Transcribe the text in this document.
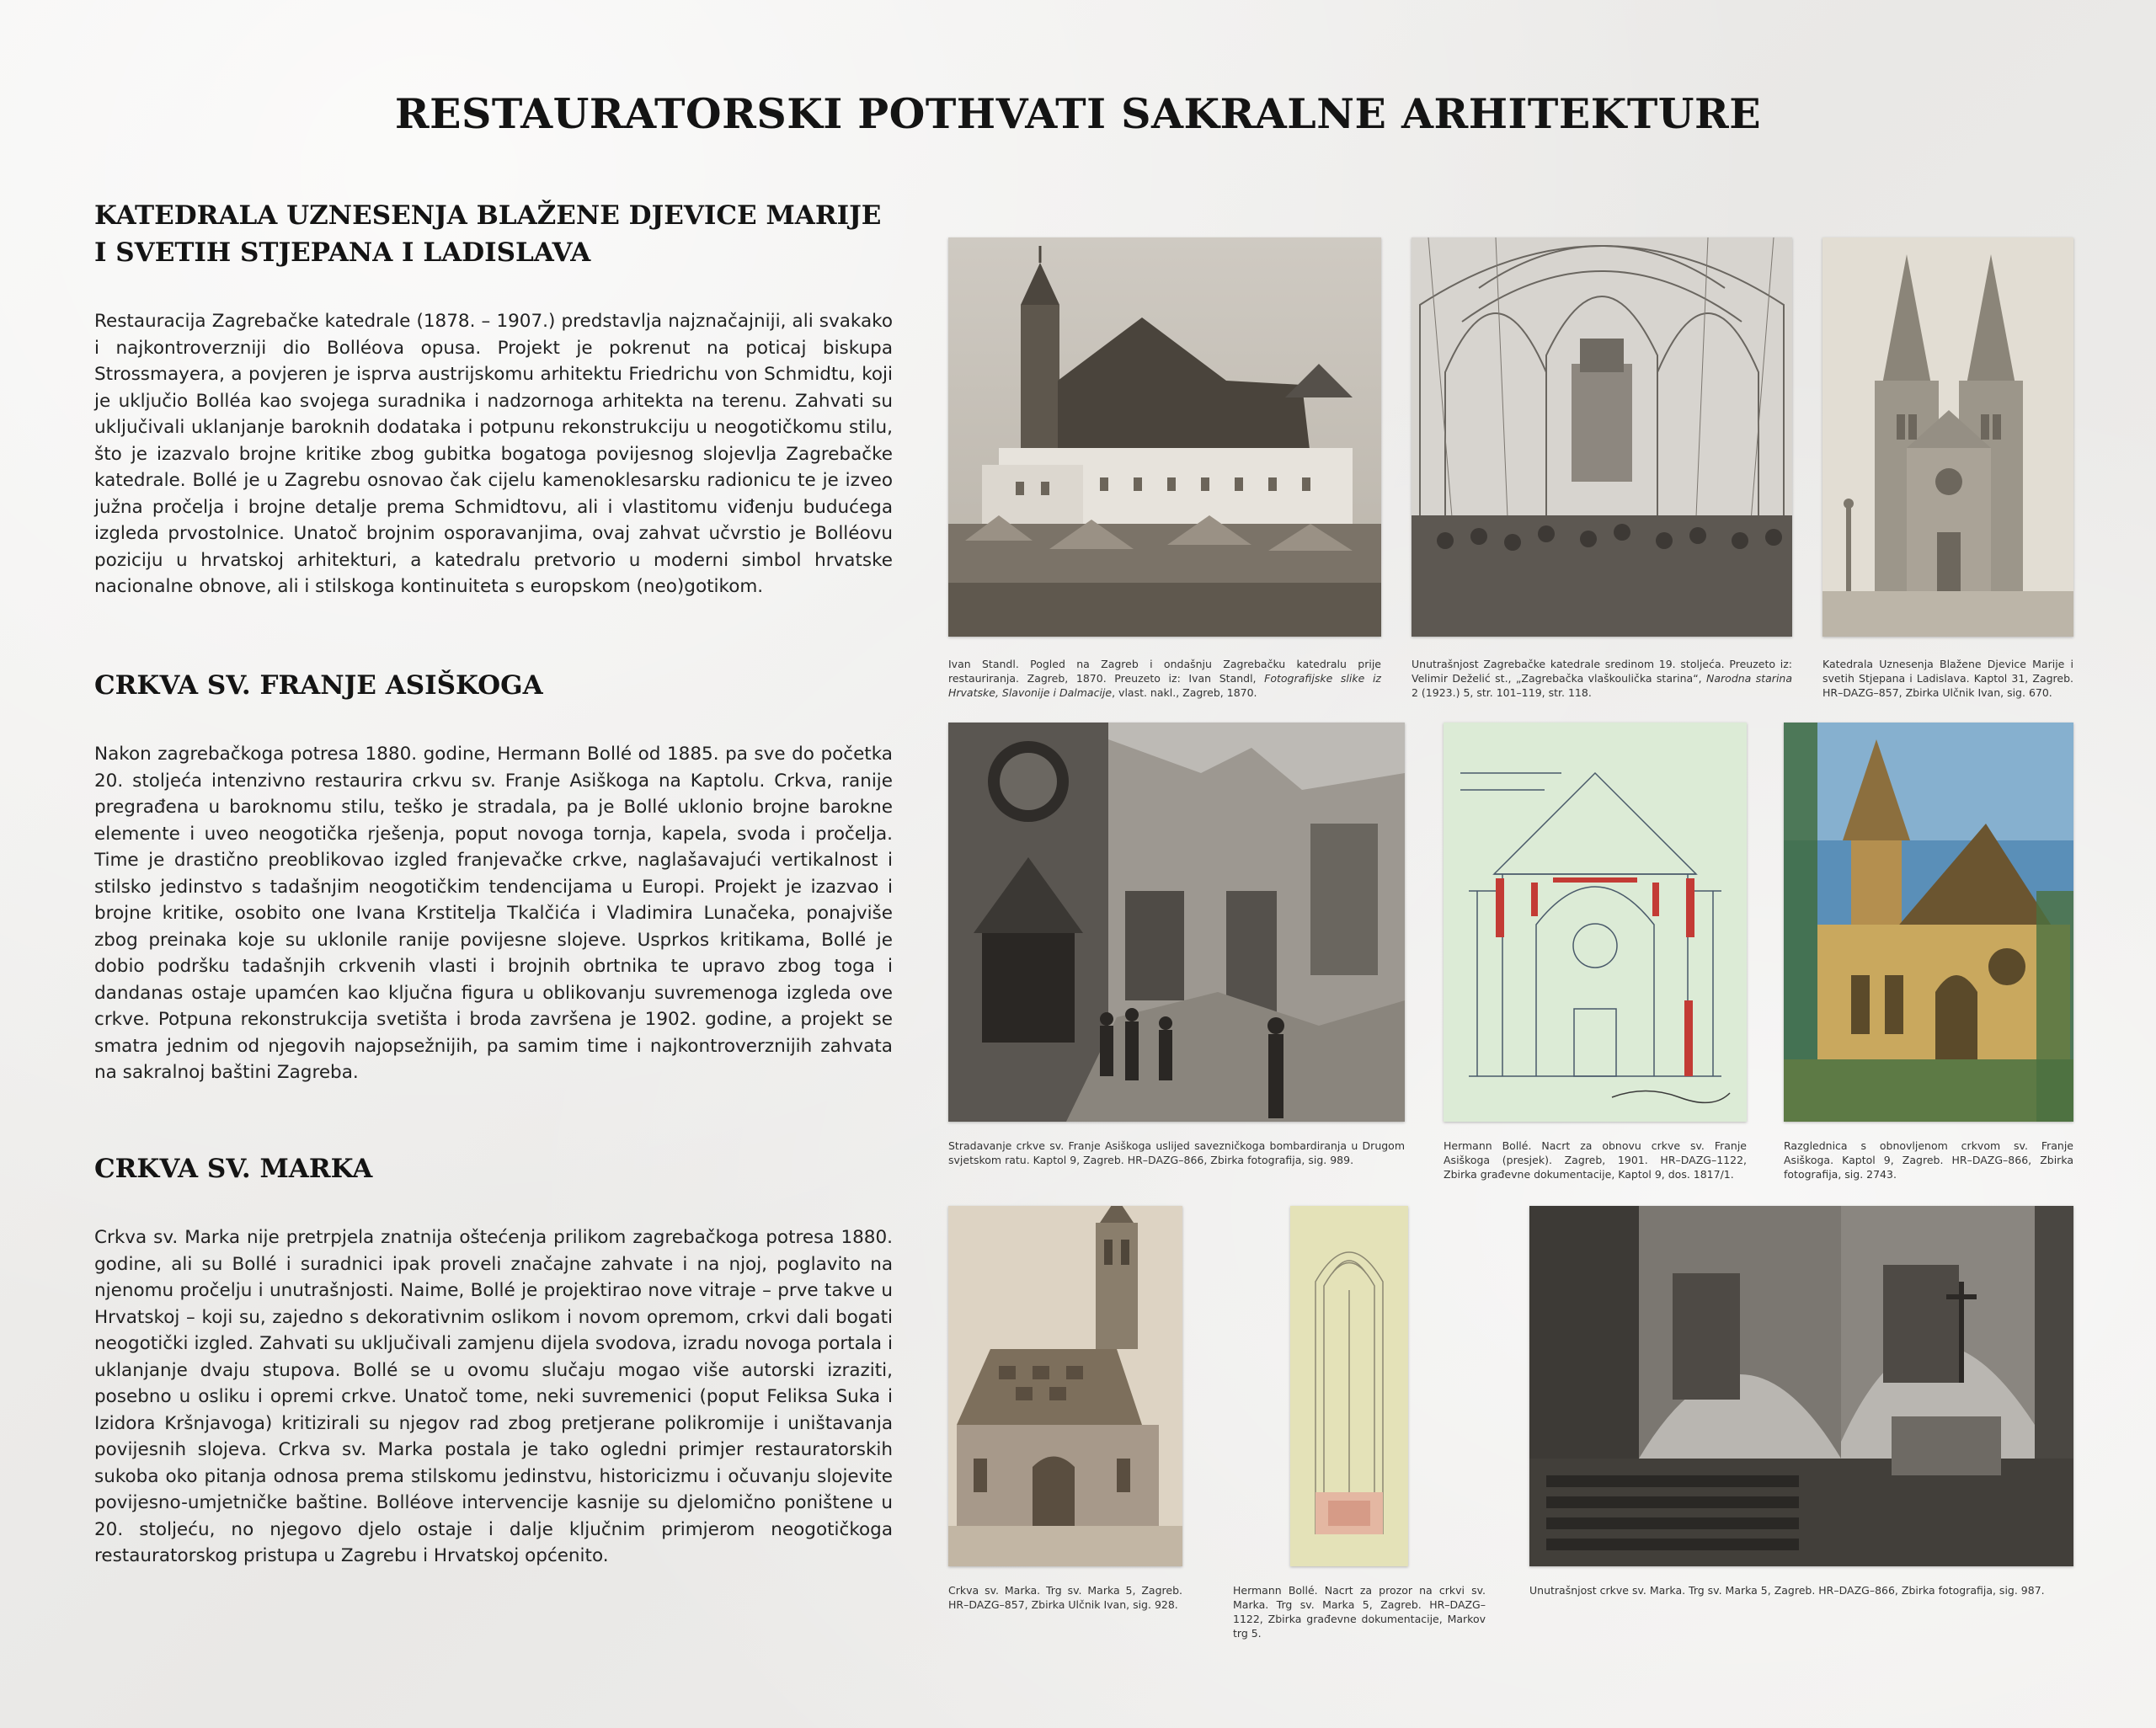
RESTAURATORSKI POTHVATI SAKRALNE ARHITEKTURE
KATEDRALA UZNESENJA BLAŽENE DJEVICE MARIJE
I SVETIH STJEPANA I LADISLAVA

Restauracija Zagrebačke katedrale (1878. – 1907.) predstavlja najznačajniji, ali svakako i najkontroverzniji dio Bolléova opusa. Projekt je pokrenut na poticaj biskupa Strossmayera, a povjeren je isprva austrijskomu arhitektu Friedrichu von Schmidtu, koji je uključio Bolléa kao svojega suradnika i nadzornoga arhitekta na terenu. Zahvati su uključivali uklanjanje baroknih dodataka i potpunu rekonstrukciju u neogotičkomu stilu, što je izazvalo brojne kritike zbog gubitka bogatoga povijesnog slojevlja Zagrebačke katedrale. Bollé je u Zagrebu osnovao čak cijelu kamenoklesarsku radionicu te je izveo južna pročelja i brojne detalje prema Schmidtovu, ali i vlastitomu viđenju budućega izgleda prvostolnice. Unatoč brojnim osporavanjima, ovaj zahvat učvrstio je Bolléovu poziciju u hrvatskoj arhitekturi, a katedralu pretvorio u moderni simbol hrvatske nacionalne obnove, ali i stilskoga kontinuiteta s europskom (neo)gotikom.

CRKVA SV. FRANJE ASIŠKOGA

Nakon zagrebačkoga potresa 1880. godine, Hermann Bollé od 1885. pa sve do početka 20. stoljeća intenzivno restaurira crkvu sv. Franje Asiškoga na Kaptolu. Crkva, ranije pregrađena u baroknomu stilu, teško je stradala, pa je Bollé uklonio brojne barokne elemente i uveo neogotička rješenja, poput novoga tornja, kapela, svoda i pročelja. Time je drastično preoblikovao izgled franjevačke crkve, naglašavajući vertikalnost i stilsko jedinstvo s tadašnjim neogotičkim tendencijama u Europi. Projekt je izazvao i brojne kritike, osobito one Ivana Krstitelja Tkalčića i Vladimira Lunačeka, ponajviše zbog preinaka koje su uklonile ranije povijesne slojeve. Usprkos kritikama, Bollé je dobio podršku tadašnjih crkvenih vlasti i brojnih obrtnika te upravo zbog toga i dandanas ostaje upamćen kao ključna figura u oblikovanju suvremenoga izgleda ove crkve. Potpuna rekonstrukcija svetišta i broda završena je 1902. godine, a projekt se smatra jednim od njegovih najopsežnijih, pa samim time i najkontroverznijih zahvata na sakralnoj baštini Zagreba.

CRKVA SV. MARKA

Crkva sv. Marka nije pretrpjela znatnija oštećenja prilikom zagrebačkoga potresa 1880. godine, ali su Bollé i suradnici ipak proveli značajne zahvate i na njoj, poglavito na njenomu pročelju i unutrašnjosti. Naime, Bollé je projektirao nove vitraje – prve takve u Hrvatskoj – koji su, zajedno s dekorativnim oslikom i novom opremom, crkvi dali bogati neogotički izgled. Zahvati su uključivali zamjenu dijela svodova, izradu novoga portala i uklanjanje dvaju stupova. Bollé se u ovomu slučaju mogao više autorski izraziti, posebno u osliku i opremi crkve. Unatoč tome, neki suvremenici (poput Feliksa Suka i Izidora Kršnjavoga) kritizirali su njegov rad zbog pretjerane polikromije i uništavanja povijesnih slojeva. Crkva sv. Marka postala je tako ogledni primjer restauratorskih sukoba oko pitanja odnosa prema stilskomu jedinstvu, historicizmu i očuvanju slojevite povijesno-umjetničke baštine. Bolléove intervencije kasnije su djelomično poništene u 20. stoljeću, no njegovo djelo ostaje i dalje ključnim primjerom neogotičkoga restauratorskog pristupa u Zagrebu i Hrvatskoj općenito.

Ivan Standl. Pogled na Zagreb i ondašnju Zagrebačku katedralu prije restauriranja. Zagreb, 1870. Preuzeto iz: Ivan Standl, Fotografijske slike iz Hrvatske, Slavonije i Dalmacije, vlast. nakl., Zagreb, 1870.

Unutrašnjost Zagrebačke katedrale sredinom 19. stoljeća. Preuzeto iz: Velimir Deželić st., „Zagrebačka vlaškoulička starina“, Narodna starina 2 (1923.) 5, str. 101–119, str. 118.

Katedrala Uznesenja Blažene Djevice Marije i svetih Stjepana i Ladislava. Kaptol 31, Zagreb. HR–DAZG–857, Zbirka Ulčnik Ivan, sig. 670.

Stradavanje crkve sv. Franje Asiškoga uslijed savezničkoga bombardiranja u Drugom svjetskom ratu. Kaptol 9, Zagreb. HR–DAZG–866, Zbirka fotografija, sig. 989.

Hermann Bollé. Nacrt za obnovu crkve sv. Franje Asiškoga (presjek). Zagreb, 1901. HR–DAZG–1122, Zbirka građevne dokumentacije, Kaptol 9, dos. 1817/1.

Razglednica s obnovljenom crkvom sv. Franje Asiškoga. Kaptol 9, Zagreb. HR–DAZG–866, Zbirka fotografija, sig. 2743.

Crkva sv. Marka. Trg sv. Marka 5, Zagreb. HR–DAZG–857, Zbirka Ulčnik Ivan, sig. 928.

Hermann Bollé. Nacrt za prozor na crkvi sv. Marka. Trg sv. Marka 5, Zagreb. HR–DAZG–1122, Zbirka građevne dokumentacije, Markov trg 5.

Unutrašnjost crkve sv. Marka. Trg sv. Marka 5, Zagreb. HR–DAZG–866, Zbirka fotografija, sig. 987.
